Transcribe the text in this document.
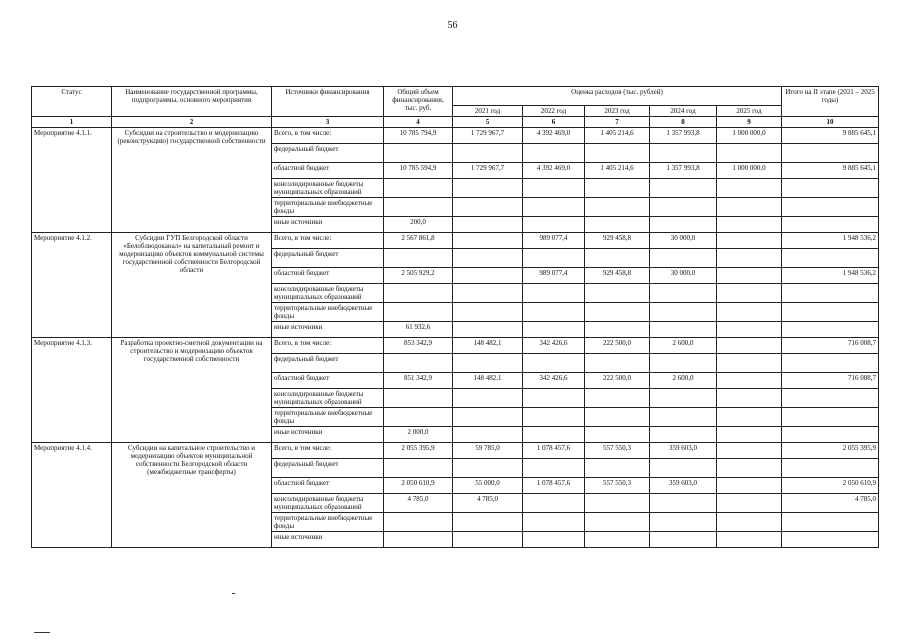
56
Статус	Наименование государственной программы, подпрограммы, основного мероприятия	Источники финансирования	Общий объем финансирования, тыс. руб.	Оценка расходов (тыс. рублей)					Итого на II этапе (2021 – 2025 годы)
				2021 год	2022 год	2023 год	2024 год	2025 год	
1	2	3	4	5	6	7	8	9	10
Мероприятие 4.1.1.	Субсидии на строительство и модернизацию (реконструкцию) государственной собственности	Всего, в том числе:	10 785 794,9	1 729 967,7	4 392 469,0	1 405 214,6	1 357 993,8	1 000 000,0	9 885 645,1
		федеральный бюджет							
		областной бюджет	10 785 594,9	1 729 967,7	4 392 469,0	1 405 214,6	1 357 993,8	1 000 000,0	9 885 645,1
		консолидированные бюджеты муниципальных образований							
		территориальные внебюджетные фонды							
		иные источники	200,0						
Мероприятие 4.1.2.	Субсидии ГУП Белгородской области «Белоблводоканал» на капитальный ремонт и модернизацию объектов коммунальной системы государственной собственности Белгородской области	Всего, в том числе:	2 567 861,8		989 077,4	929 458,8	30 000,0		1 948 536,2
		федеральный бюджет							
		областной бюджет	2 505 929,2		989 077,4	929 458,8	30 000,0		1 948 536,2
		консолидированные бюджеты муниципальных образований							
		территориальные внебюджетные фонды							
		иные источники	61 932,6						
Мероприятие 4.1.3.	Разработка проектно-сметной документации на строительство и модернизацию объектов государственной собственности	Всего, в том числе:	853 342,9	148 482,1	342 426,6	222 500,0	2 600,0		716 008,7
		федеральный бюджет							
		областной бюджет	851 342,9	148 482,1	342 426,6	222 500,0	2 600,0		716 008,7
		консолидированные бюджеты муниципальных образований							
		территориальные внебюджетные фонды							
		иные источники	2 000,0						
Мероприятие 4.1.4.	Субсидии на капитальное строительство и модернизацию объектов муниципальной собственности Белгородской области (межбюджетные трансферты)	Всего, в том числе:	2 055 395,9	59 785,0	1 078 457,6	557 550,3	359 603,0		2 055 395,9
		федеральный бюджет							
		областной бюджет	2 050 610,9	55 000,0	1 078 457,6	557 550,3	359 603,0		2 050 610,9
		консолидированные бюджеты муниципальных образований	4 785,0	4 785,0					4 785,0
		территориальные внебюджетные фонды							
		иные источники							
